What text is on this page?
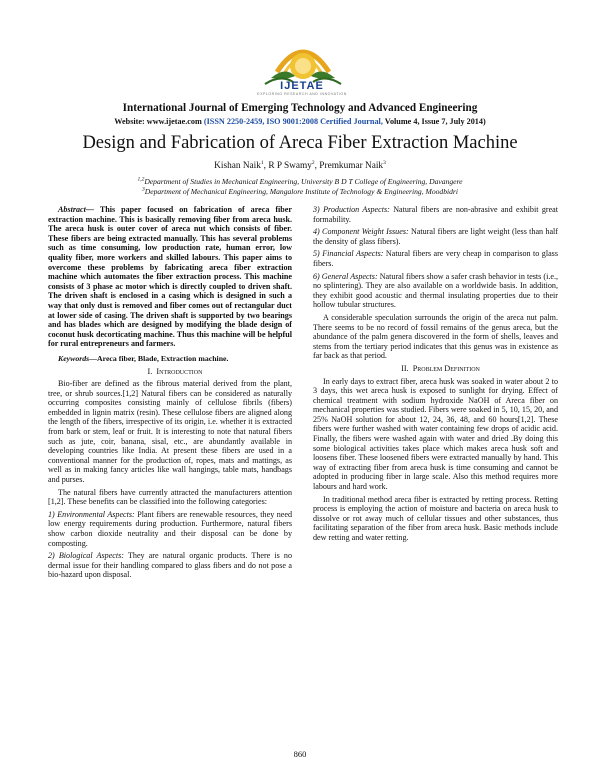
IJETAE
EXPLORING RESEARCH AND INNOVATION
International Journal of Emerging Technology and Advanced Engineering
Website: www.ijetae.com (ISSN 2250-2459, ISO 9001:2008 Certified Journal, Volume 4, Issue 7, July 2014)
Design and Fabrication of Areca Fiber Extraction Machine
Kishan Naik$^1$, R P Swamy$^2$, Premkumar Naik$^3$
$^{1,2}$Department of Studies in Mechanical Engineering, University B D T College of Engineering, Davangere
$^3$Department of Mechanical Engineering, Mangalore Institute of Technology & Engineering, Moodbidri

Abstract— This paper focused on fabrication of areca fiber extraction machine. This is basically removing fiber from areca husk. The areca husk is outer cover of areca nut which consists of fiber. These fibers are being extracted manually. This has several problems such as time consuming, low production rate, human error, low quality fiber, more workers and skilled labours. This paper aims to overcome these problems by fabricating areca fiber extraction machine which automates the fiber extraction process. This machine consists of 3 phase ac motor which is directly coupled to driven shaft. The driven shaft is enclosed in a casing which is designed in such a way that only dust is removed and fiber comes out of rectangular duct at lower side of casing. The driven shaft is supported by two bearings and has blades which are designed by modifying the blade design of coconut husk decorticating machine. Thus this machine will be helpful for rural entrepreneurs and farmers.

Keywords—Areca fiber, Blade, Extraction machine.

I. Introduction

Bio-fiber are defined as the fibrous material derived from the plant, tree, or shrub sources.[1,2] Natural fibers can be considered as naturally occurring composites consisting mainly of cellulose fibrils (fibers) embedded in lignin matrix (resin). These cellulose fibers are aligned along the length of the fibers, irrespective of its origin, i.e. whether it is extracted from bark or stem, leaf or fruit. It is interesting to note that natural fibers such as jute, coir, banana, sisal, etc., are abundantly available in developing countries like India. At present these fibers are used in a conventional manner for the production of, ropes, mats and mattings, as well as in making fancy articles like wall hangings, table mats, handbags and purses.

The natural fibers have currently attracted the manufacturers attention [1,2]. These benefits can be classified into the following categories:

1) Environmental Aspects: Plant fibers are renewable resources, they need low energy requirements during production. Furthermore, natural fibers show carbon dioxide neutrality and their disposal can be done by composting.

2) Biological Aspects: They are natural organic products. There is no dermal issue for their handling compared to glass fibers and do not pose a bio-hazard upon disposal.

3) Production Aspects: Natural fibers are non-abrasive and exhibit great formability.

4) Component Weight Issues: Natural fibers are light weight (less than half the density of glass fibers).

5) Financial Aspects: Natural fibers are very cheap in comparison to glass fibers.

6) General Aspects: Natural fibers show a safer crash behavior in tests (i.e., no splintering). They are also available on a worldwide basis. In addition, they exhibit good acoustic and thermal insulating properties due to their hollow tubular structures.

A considerable speculation surrounds the origin of the areca nut palm. There seems to be no record of fossil remains of the genus areca, but the abundance of the palm genera discovered in the form of shells, leaves and stems from the tertiary period indicates that this genus was in existence as far back as that period.

II. Problem Definition

In early days to extract fiber, areca husk was soaked in water about 2 to 3 days, this wet areca husk is exposed to sunlight for drying. Effect of chemical treatment with sodium hydroxide NaOH of Areca fiber on mechanical properties was studied. Fibers were soaked in 5, 10, 15, 20, and 25% NaOH solution for about 12, 24, 36, 48, and 60 hours[1,2]. These fibers were further washed with water containing few drops of acidic acid. Finally, the fibers were washed again with water and dried .By doing this some biological activities takes place which makes areca husk soft and loosens fiber. These loosened fibers were extracted manually by hand. This way of extracting fiber from areca husk is time consuming and cannot be adopted in producing fiber in large scale. Also this method requires more labours and hard work.

In traditional method areca fiber is extracted by retting process. Retting process is employing the action of moisture and bacteria on areca husk to dissolve or rot away much of cellular tissues and other substances, thus facilitating separation of the fiber from areca husk. Basic methods include dew retting and water retting.

860
